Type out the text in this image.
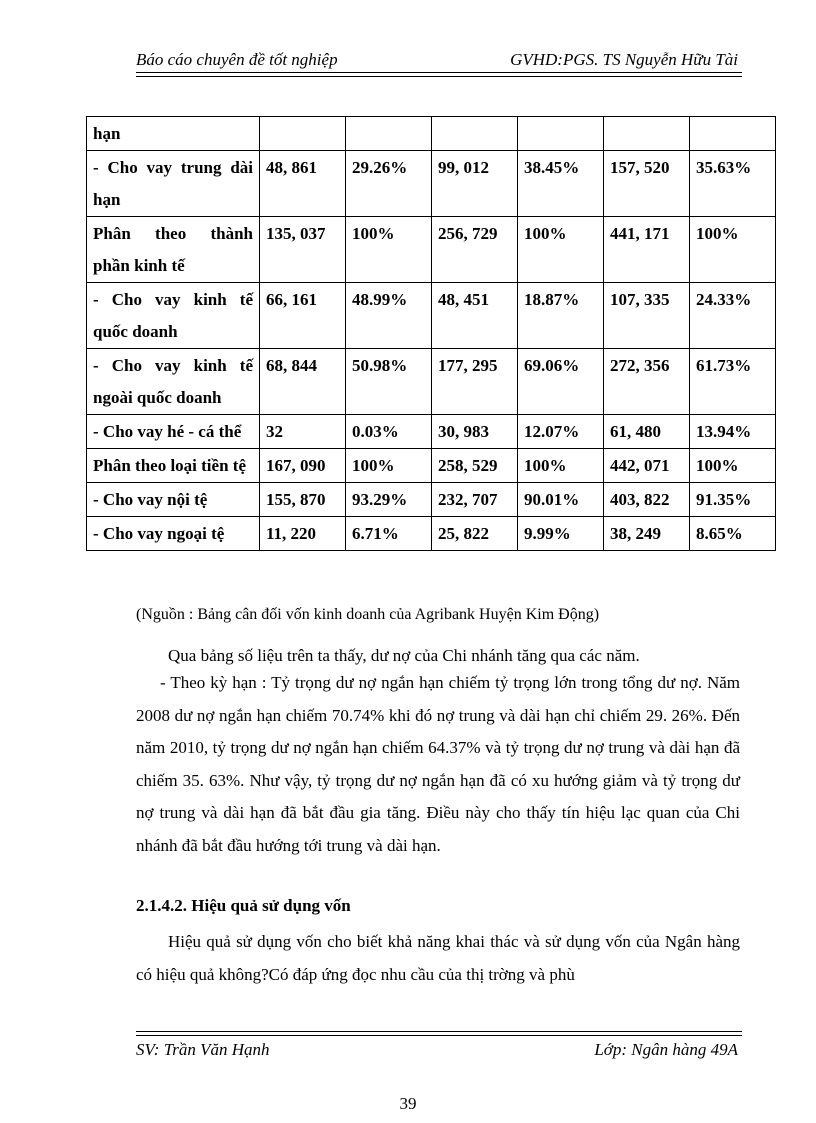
Báo cáo chuyên đề tốt nghiệp	GVHD:PGS. TS Nguyễn Hữu Tài
hạn						
- Cho vay trung dài hạn	48, 861	29.26%	99, 012	38.45%	157, 520	35.63%
Phân theo thành phần kinh tế	135, 037	100%	256, 729	100%	441, 171	100%
- Cho vay kinh tế quốc doanh	66, 161	48.99%	48, 451	18.87%	107, 335	24.33%
- Cho vay kinh tế ngoài quốc doanh	68, 844	50.98%	177, 295	69.06%	272, 356	61.73%
- Cho vay hé - cá thể	32	0.03%	30, 983	12.07%	61, 480	13.94%
Phân theo loại tiền tệ	167, 090	100%	258, 529	100%	442, 071	100%
- Cho vay nội tệ	155, 870	93.29%	232, 707	90.01%	403, 822	91.35%
- Cho vay ngoại tệ	11, 220	6.71%	25, 822	9.99%	38, 249	8.65%
(Nguồn : Bảng cân đối vốn kinh doanh của Agribank Huyện Kim Động)
Qua bảng số liệu trên ta thấy, dư nợ của Chi nhánh tăng qua các năm.
- Theo kỳ hạn : Tỷ trọng dư nợ ngắn hạn chiếm tỷ trọng lớn trong tổng dư nợ. Năm 2008 dư nợ ngắn hạn chiếm 70.74% khi đó nợ trung và dài hạn chỉ chiếm 29. 26%. Đến năm 2010, tỷ trọng dư nợ ngắn hạn chiếm 64.37% và tỷ trọng dư nợ trung và dài hạn đã chiếm 35. 63%. Như vậy, tỷ trọng dư nợ ngắn hạn đã có xu hướng giảm và tỷ trọng dư nợ trung và dài hạn đã bắt đầu gia tăng. Điều này cho thấy tín hiệu lạc quan của Chi nhánh đã bắt đầu hướng tới trung và dài hạn.
2.1.4.2. Hiệu quả sử dụng vốn
Hiệu quả sử dụng vốn cho biết khả năng khai thác và sử dụng vốn của Ngân hàng có hiệu quả không?Có đáp ứng đọc nhu cầu của thị trờng và phù
SV: Trần Văn Hạnh	Lớp: Ngân hàng 49A
39
